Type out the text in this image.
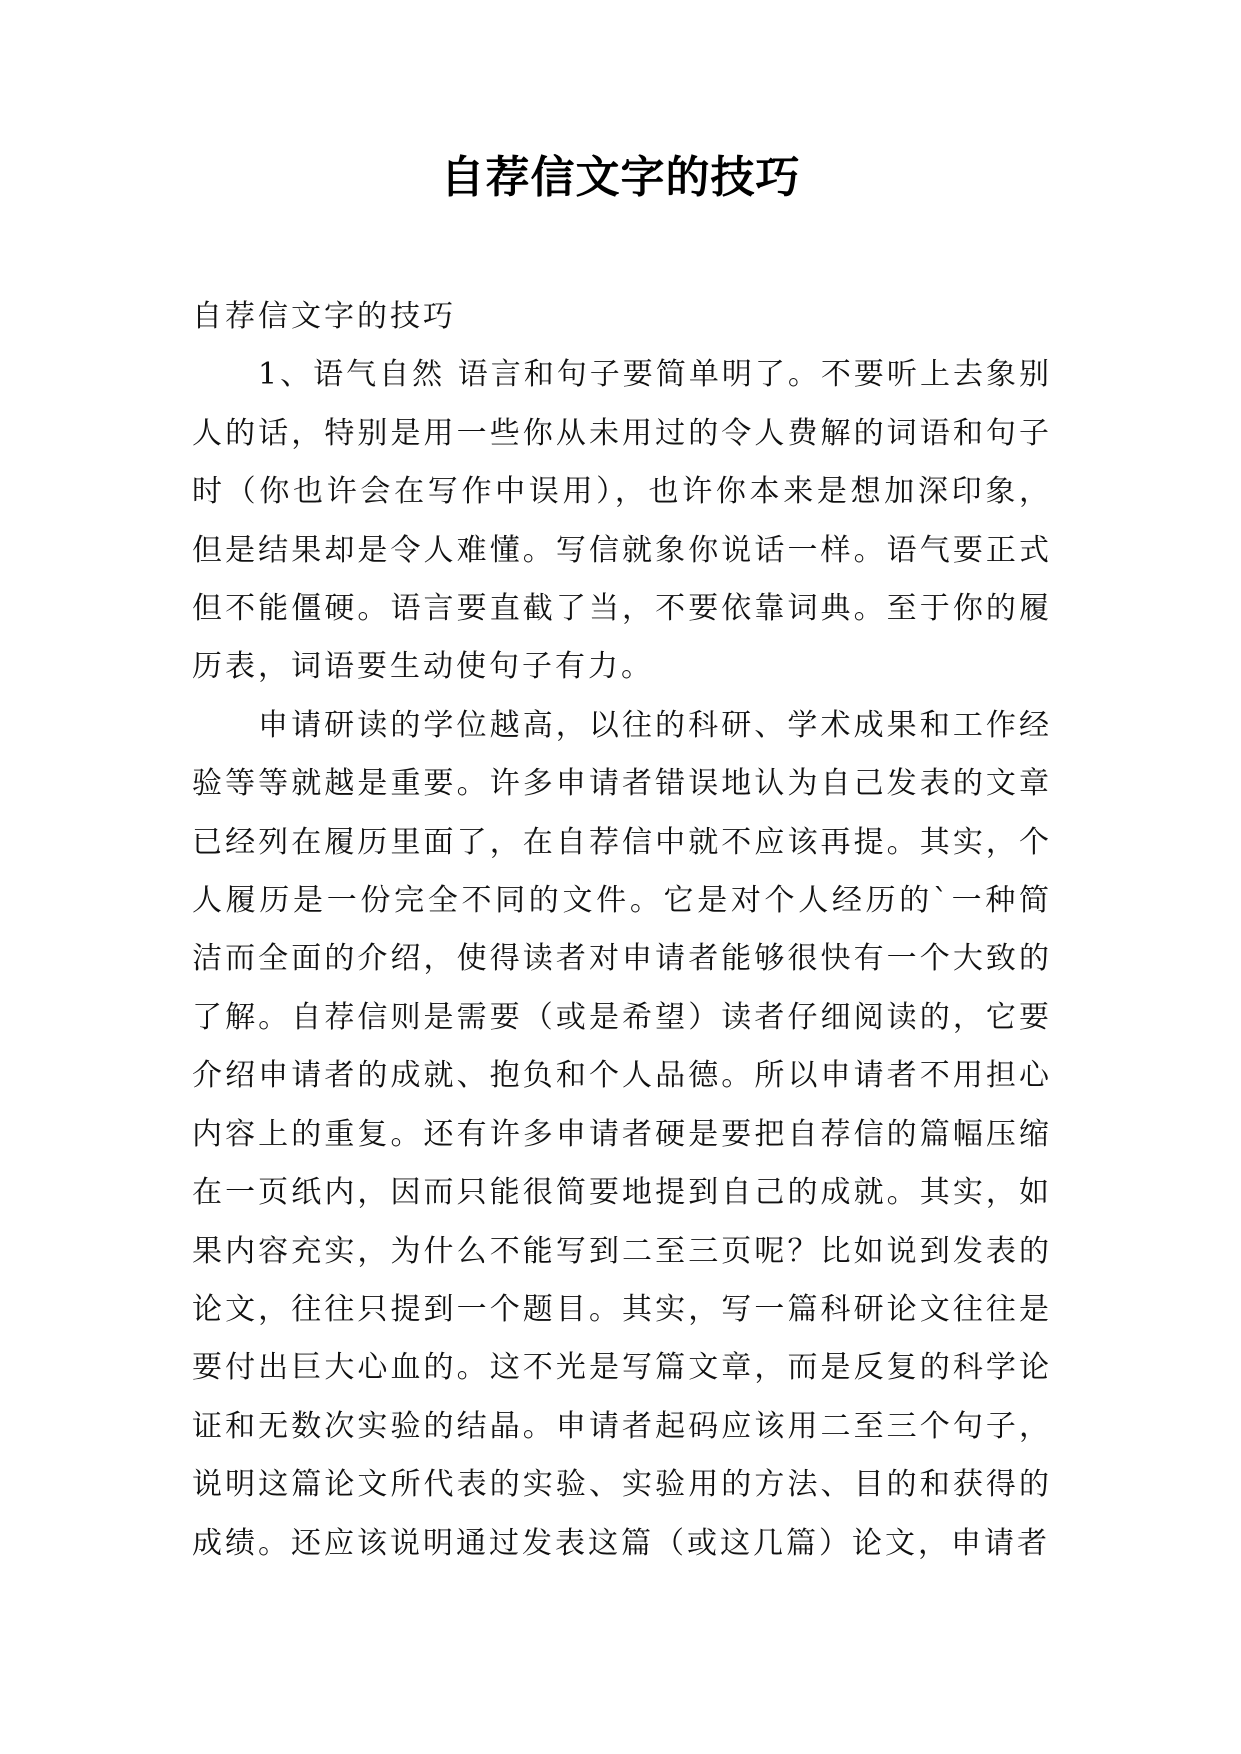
自荐信文字的技巧

自荐信文字的技巧

1、语气自然 语言和句子要简单明了。不要听上去象别人的话，特别是用一些你从未用过的令人费解的词语和句子时（你也许会在写作中误用），也许你本来是想加深印象，但是结果却是令人难懂。写信就象你说话一样。语气要正式但不能僵硬。语言要直截了当，不要依靠词典。至于你的履历表，词语要生动使句子有力。

申请研读的学位越高，以往的科研、学术成果和工作经验等等就越是重要。许多申请者错误地认为自己发表的文章已经列在履历里面了，在自荐信中就不应该再提。其实，个人履历是一份完全不同的文件。它是对个人经历的`一种简洁而全面的介绍，使得读者对申请者能够很快有一个大致的了解。自荐信则是需要（或是希望）读者仔细阅读的，它要介绍申请者的成就、抱负和个人品德。所以申请者不用担心内容上的重复。还有许多申请者硬是要把自荐信的篇幅压缩在一页纸内，因而只能很简要地提到自己的成就。其实，如果内容充实，为什么不能写到二至三页呢？比如说到发表的论文，往往只提到一个题目。其实，写一篇科研论文往往是要付出巨大心血的。这不光是写篇文章，而是反复的科学论证和无数次实验的结晶。申请者起码应该用二至三个句子，说明这篇论文所代表的实验、实验用的方法、目的和获得的成绩。还应该说明通过发表这篇（或这几篇）论文，申请者
